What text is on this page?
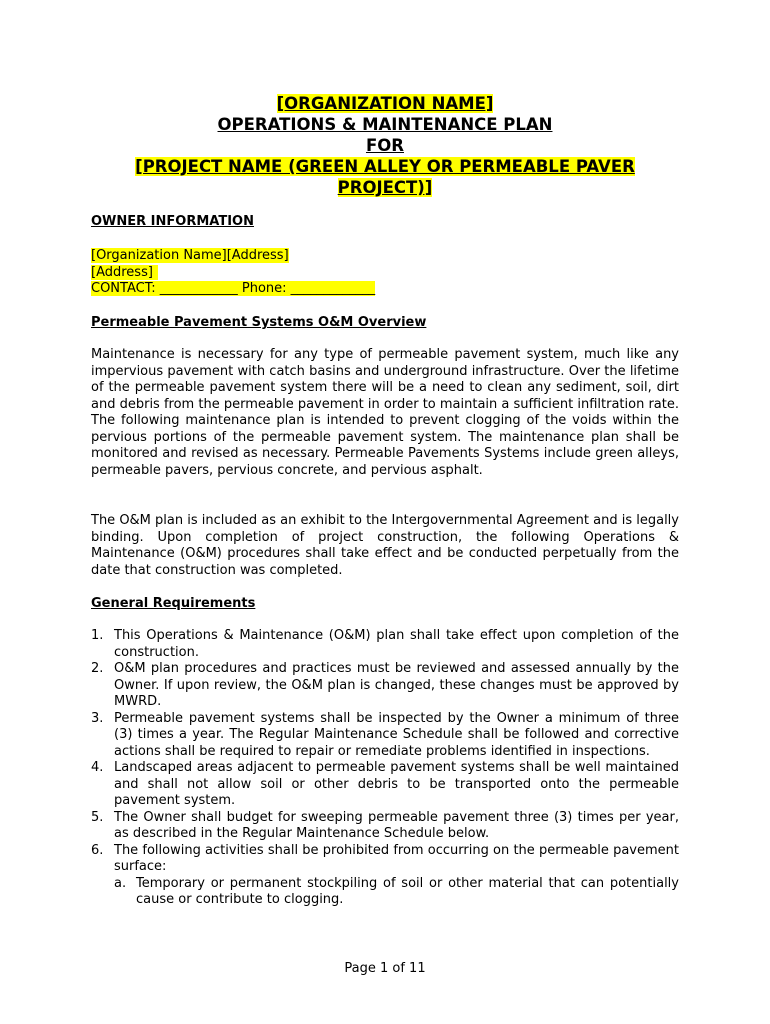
[ORGANIZATION NAME]
OPERATIONS & MAINTENANCE PLAN
FOR
[PROJECT NAME (GREEN ALLEY OR PERMEABLE PAVER
PROJECT)]
OWNER INFORMATION
[Organization Name][Address]
[Address]
CONTACT: ____________ Phone: _____________
Permeable Pavement Systems O&M Overview
Maintenance is necessary for any type of permeable pavement system, much like any impervious pavement with catch basins and underground infrastructure. Over the lifetime of the permeable pavement system there will be a need to clean any sediment, soil, dirt and debris from the permeable pavement in order to maintain a sufficient infiltration rate. The following maintenance plan is intended to prevent clogging of the voids within the pervious portions of the permeable pavement system. The maintenance plan shall be monitored and revised as necessary. Permeable Pavements Systems include green alleys, permeable pavers, pervious concrete, and pervious asphalt.
The O&M plan is included as an exhibit to the Intergovernmental Agreement and is legally binding. Upon completion of project construction, the following Operations & Maintenance (O&M) procedures shall take effect and be conducted perpetually from the date that construction was completed.
General Requirements
1. This Operations & Maintenance (O&M) plan shall take effect upon completion of the construction.
2. O&M plan procedures and practices must be reviewed and assessed annually by the Owner. If upon review, the O&M plan is changed, these changes must be approved by MWRD.
3. Permeable pavement systems shall be inspected by the Owner a minimum of three (3) times a year. The Regular Maintenance Schedule shall be followed and corrective actions shall be required to repair or remediate problems identified in inspections.
4. Landscaped areas adjacent to permeable pavement systems shall be well maintained and shall not allow soil or other debris to be transported onto the permeable pavement system.
5. The Owner shall budget for sweeping permeable pavement three (3) times per year, as described in the Regular Maintenance Schedule below.
6. The following activities shall be prohibited from occurring on the permeable pavement surface:
a. Temporary or permanent stockpiling of soil or other material that can potentially cause or contribute to clogging.
Page 1 of 11
